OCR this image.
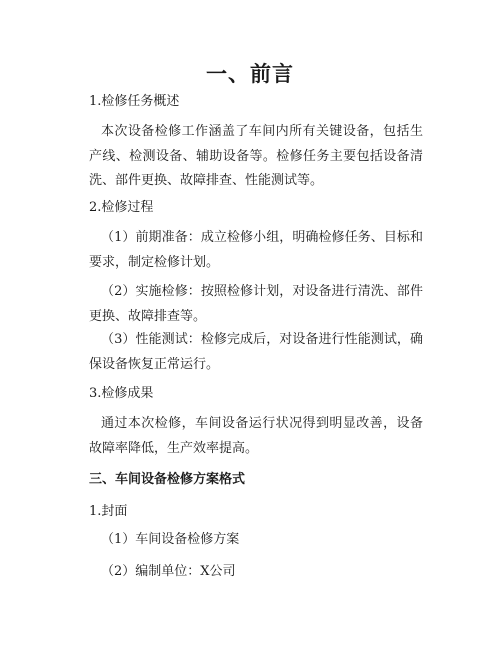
一、前言
1.检修任务概述
本次设备检修工作涵盖了车间内所有关键设备，包括生产线、检测设备、辅助设备等。检修任务主要包括设备清洗、部件更换、故障排查、性能测试等。
2.检修过程
（1）前期准备：成立检修小组，明确检修任务、目标和要求，制定检修计划。
（2）实施检修：按照检修计划，对设备进行清洗、部件更换、故障排查等。
（3）性能测试：检修完成后，对设备进行性能测试，确保设备恢复正常运行。
3.检修成果
通过本次检修，车间设备运行状况得到明显改善，设备故障率降低，生产效率提高。
三、车间设备检修方案格式
1.封面
（1）车间设备检修方案
（2）编制单位：X公司
